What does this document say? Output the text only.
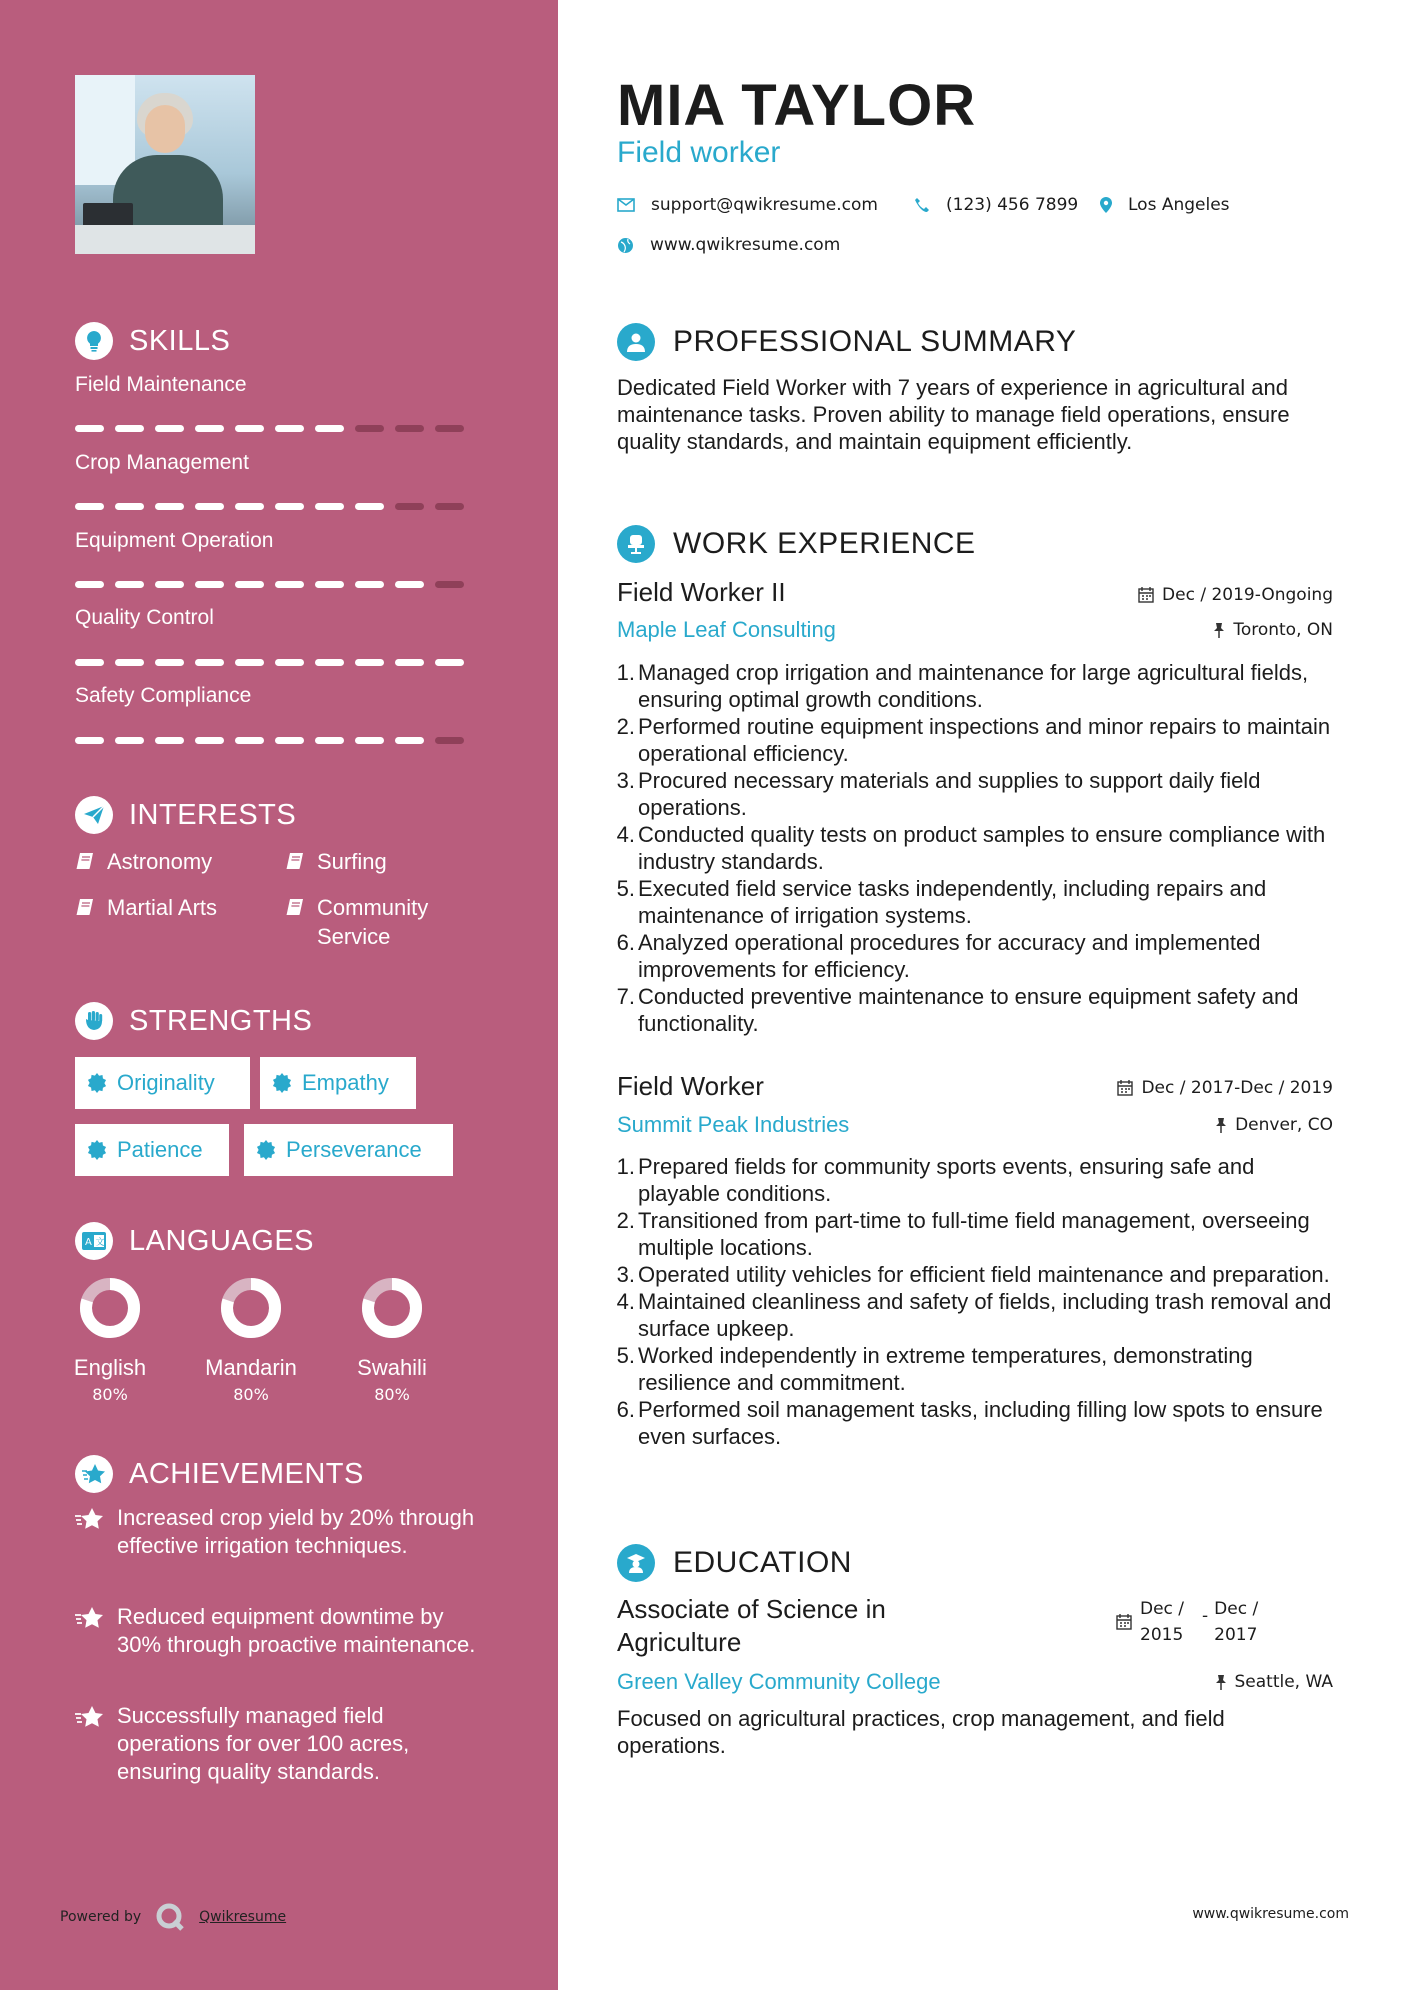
SKILLS
Field Maintenance
Crop Management
Equipment Operation
Quality Control
Safety Compliance
INTERESTS
Astronomy	Surfing
Martial Arts	Community Service
STRENGTHS
Originality	Empathy
Patience	Perseverance
A 文 LANGUAGES
English
80%
Mandarin
80%
Swahili
80%
ACHIEVEMENTS
Increased crop yield by 20% through effective irrigation techniques.
Reduced equipment downtime by 30% through proactive maintenance.
Successfully managed field operations for over 100 acres, ensuring quality standards.
Powered by	Qwikresume
MIA TAYLOR
Field worker
support@qwikresume.com	(123) 456 7899	Los Angeles
www.qwikresume.com
PROFESSIONAL SUMMARY
Dedicated Field Worker with 7 years of experience in agricultural and maintenance tasks. Proven ability to manage field operations, ensure quality standards, and maintain equipment efficiently.
WORK EXPERIENCE
Field Worker II	Dec / 2019-Ongoing
Maple Leaf Consulting	Toronto, ON
1. Managed crop irrigation and maintenance for large agricultural fields, ensuring optimal growth conditions.
2. Performed routine equipment inspections and minor repairs to maintain operational efficiency.
3. Procured necessary materials and supplies to support daily field operations.
4. Conducted quality tests on product samples to ensure compliance with industry standards.
5. Executed field service tasks independently, including repairs and maintenance of irrigation systems.
6. Analyzed operational procedures for accuracy and implemented improvements for efficiency.
7. Conducted preventive maintenance to ensure equipment safety and functionality.
Field Worker	Dec / 2017-Dec / 2019
Summit Peak Industries	Denver, CO
1. Prepared fields for community sports events, ensuring safe and playable conditions.
2. Transitioned from part-time to full-time field management, overseeing multiple locations.
3. Operated utility vehicles for efficient field maintenance and preparation.
4. Maintained cleanliness and safety of fields, including trash removal and surface upkeep.
5. Worked independently in extreme temperatures, demonstrating resilience and commitment.
6. Performed soil management tasks, including filling low spots to ensure even surfaces.
EDUCATION
Associate of Science in Agriculture
Dec / 2015
- Dec / 2017
Green Valley Community College	Seattle, WA
Focused on agricultural practices, crop management, and field operations.
www.qwikresume.com
